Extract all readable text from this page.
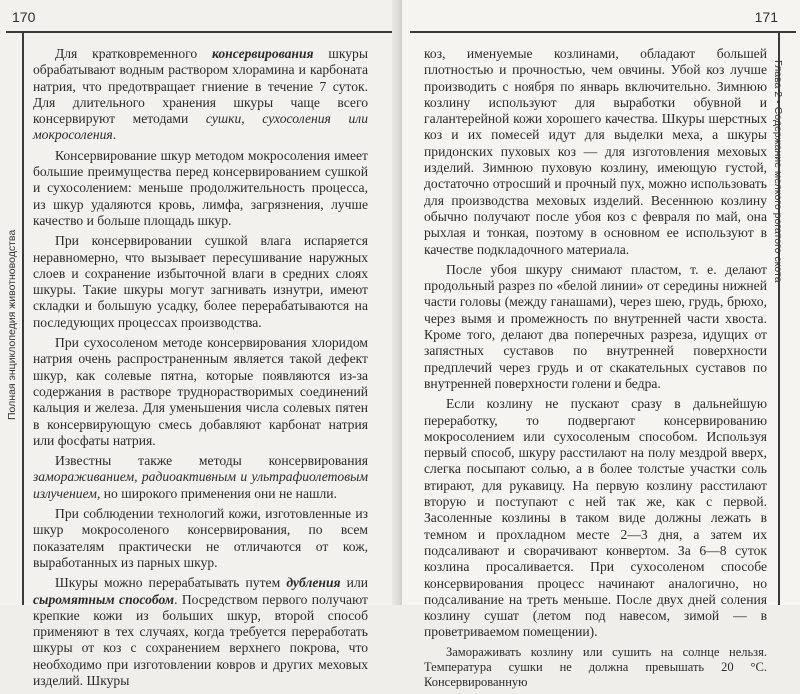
170
Полная энциклопедия животноводства

Для кратковременного консервирования шкуры обрабатывают водным раствором хлорамина и карбоната натрия, что предотвращает гниение в течение 7 суток. Для длительного хранения шкуры чаще всего консервируют методами сушки, сухосоления или мокросоления.

Консервирование шкур методом мокросоления имеет большие преимущества перед консервированием сушкой и сухосолением: меньше продолжительность процесса, из шкур удаляются кровь, лимфа, загрязнения, лучше качество и больше площадь шкур.

При консервировании сушкой влага испаряется неравномерно, что вызывает пересушивание наружных слоев и сохранение избыточной влаги в средних слоях шкуры. Такие шкуры могут загнивать изнутри, имеют складки и большую усадку, более перерабатываются на последующих процессах производства.

При сухосоленом методе консервирования хлоридом натрия очень распространенным является такой дефект шкур, как солевые пятна, которые появляются из-за содержания в растворе труднорастворимых соединений кальция и железа. Для уменьшения числа солевых пятен в консервирующую смесь добавляют карбонат натрия или фосфаты натрия.

Известны также методы консервирования замораживанием, радиоактивным и ультрафиолетовым излучением, но широкого применения они не нашли.

При соблюдении технологий кожи, изготовленные из шкур мокросоленого консервирования, по всем показателям практически не отличаются от кож, выработанных из парных шкур.

Шкуры можно перерабатывать путем дубления или сыромятным способом. Посредством первого получают крепкие кожи из больших шкур, второй способ применяют в тех случаях, когда требуется переработать шкуры от коз с сохранением верхнего покрова, что необходимо при изготовлении ковров и других меховых изделий. Шкуры

171
Глава 2 • Содержание мелкого рогатого скота

коз, именуемые козлинами, обладают большей плотностью и прочностью, чем овчины. Убой коз лучше производить с ноября по январь включительно. Зимнюю козлину используют для выработки обувной и галантерейной кожи хорошего качества. Шкуры шерстных коз и их помесей идут для выделки меха, а шкуры придонских пуховых коз — для изготовления меховых изделий. Зимнюю пуховую козлину, имеющую густой, достаточно отросший и прочный пух, можно использовать для производства меховых изделий. Весеннюю козлину обычно получают после убоя коз с февраля по май, она рыхлая и тонкая, поэтому в основном ее используют в качестве подкладочного материала.

После убоя шкуру снимают пластом, т. е. делают продольный разрез по «белой линии» от середины нижней части головы (между ганашами), через шею, грудь, брюхо, через вымя и промежность по внутренней части хвоста. Кроме того, делают два поперечных разреза, идущих от запястных суставов по внутренней поверхности предплечий через грудь и от скакательных суставов по внутренней поверхности голени и бедра.

Если козлину не пускают сразу в дальнейшую переработку, то подвергают консервированию мокросолением или сухосоленым способом. Используя первый способ, шкуру расстилают на полу мездрой вверх, слегка посыпают солью, а в более толстые участки соль втирают, для рукавицу. На первую козлину расстилают вторую и поступают с ней так же, как с первой. Засоленные козлины в таком виде должны лежать в темном и прохладном месте 2—3 дня, а затем их подсаливают и сворачивают конвертом. За 6—8 суток козлина просаливается. При сухосоленом способе консервирования процесс начинают аналогично, но подсаливание на треть меньше. После двух дней соления козлину сушат (летом под навесом, зимой — в проветриваемом помещении).

Замораживать козлину или сушить на солнце нельзя. Температура сушки не должна превышать 20 °С. Консервированную
